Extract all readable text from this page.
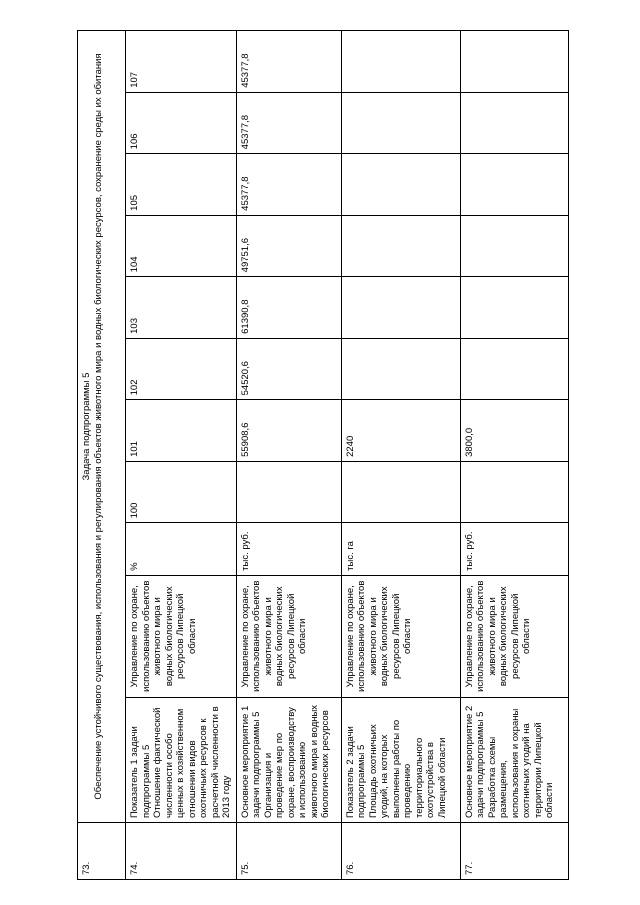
73.	Задача подпрограммы 5
Обеспечение устойчивого существования, использования и регулирования объектов животного мира и водных биологических ресурсов, сохранение среды их обитания										
74.	Показатель 1 задачи подпрограммы 5
Отношение фактической численности особо ценных в хозяйственном отношении видов охотничьих ресурсов к расчетной численности в 2013 году	Управление по охране, использованию объектов животного мира и водных биологических ресурсов Липецкой области	%	100	101	102	103	104	105	106	107
75.	Основное мероприятие 1 задачи подпрограммы 5
Организация и проведение мер по охране, воспроизводству и использованию животного мира и водных биологических ресурсов	Управление по охране, использованию объектов животного мира и водных биологических ресурсов Липецкой области	тыс. руб.		55908,6	54520,6	61390,8	49751,6	45377,8	45377,8	45377,8
76.	Показатель 2 задачи подпрограммы 5
Площадь охотничьих угодий, на которых выполнены работы по проведению территориального охотустройства в Липецкой области	Управление по охране, использованию объектов животного мира и водных биологических ресурсов Липецкой области	тыс. га		2240						
77.	Основное мероприятие 2 задачи подпрограммы 5
Разработка схемы размещения, использования и охраны охотничьих угодий на территории Липецкой области	Управление по охране, использованию объектов животного мира и водных биологических ресурсов Липецкой области	тыс. руб.		3800,0						
